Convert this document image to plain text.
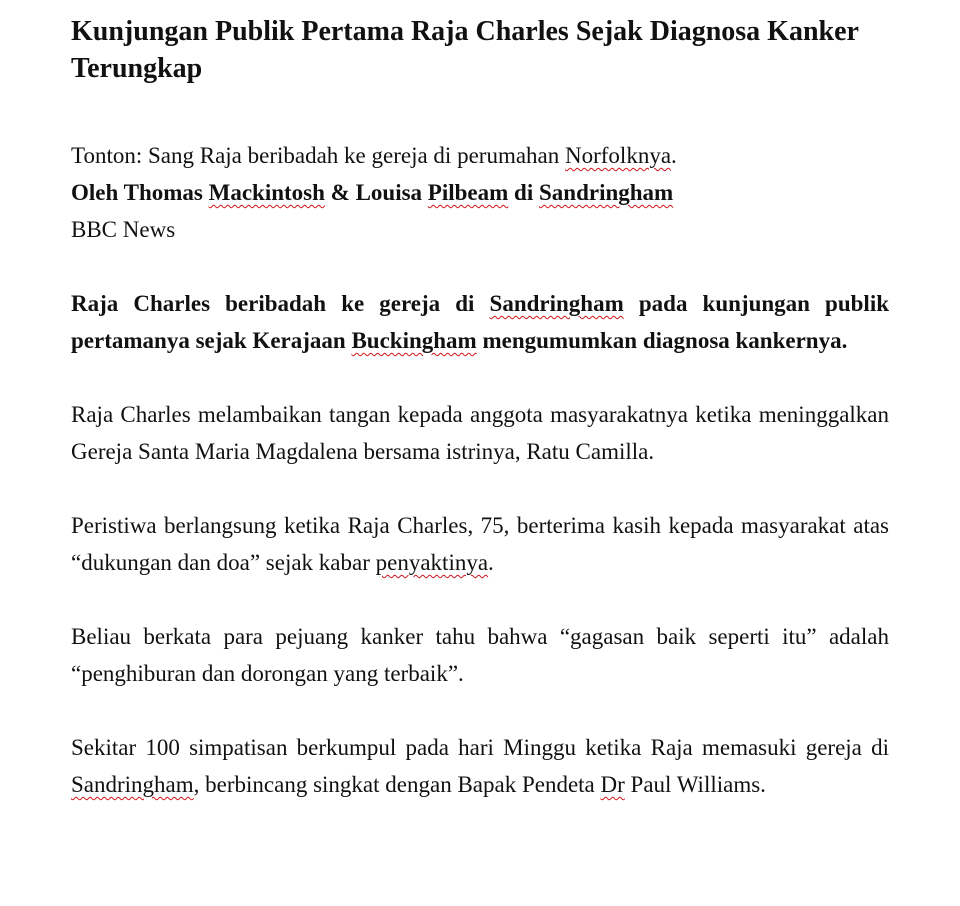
Kunjungan Publik Pertama Raja Charles Sejak Diagnosa Kanker Terungkap

Tonton: Sang Raja beribadah ke gereja di perumahan Norfolknya.

Oleh Thomas Mackintosh & Louisa Pilbeam di Sandringham

BBC News

Raja Charles beribadah ke gereja di Sandringham pada kunjungan publik pertamanya sejak Kerajaan Buckingham mengumumkan diagnosa kankernya.

Raja Charles melambaikan tangan kepada anggota masyarakatnya ketika meninggalkan Gereja Santa Maria Magdalena bersama istrinya, Ratu Camilla.

Peristiwa berlangsung ketika Raja Charles, 75, berterima kasih kepada masyarakat atas “dukungan dan doa” sejak kabar penyaktinya.

Beliau berkata para pejuang kanker tahu bahwa “gagasan baik seperti itu” adalah “penghiburan dan dorongan yang terbaik”.

Sekitar 100 simpatisan berkumpul pada hari Minggu ketika Raja memasuki gereja di Sandringham, berbincang singkat dengan Bapak Pendeta Dr Paul Williams.
